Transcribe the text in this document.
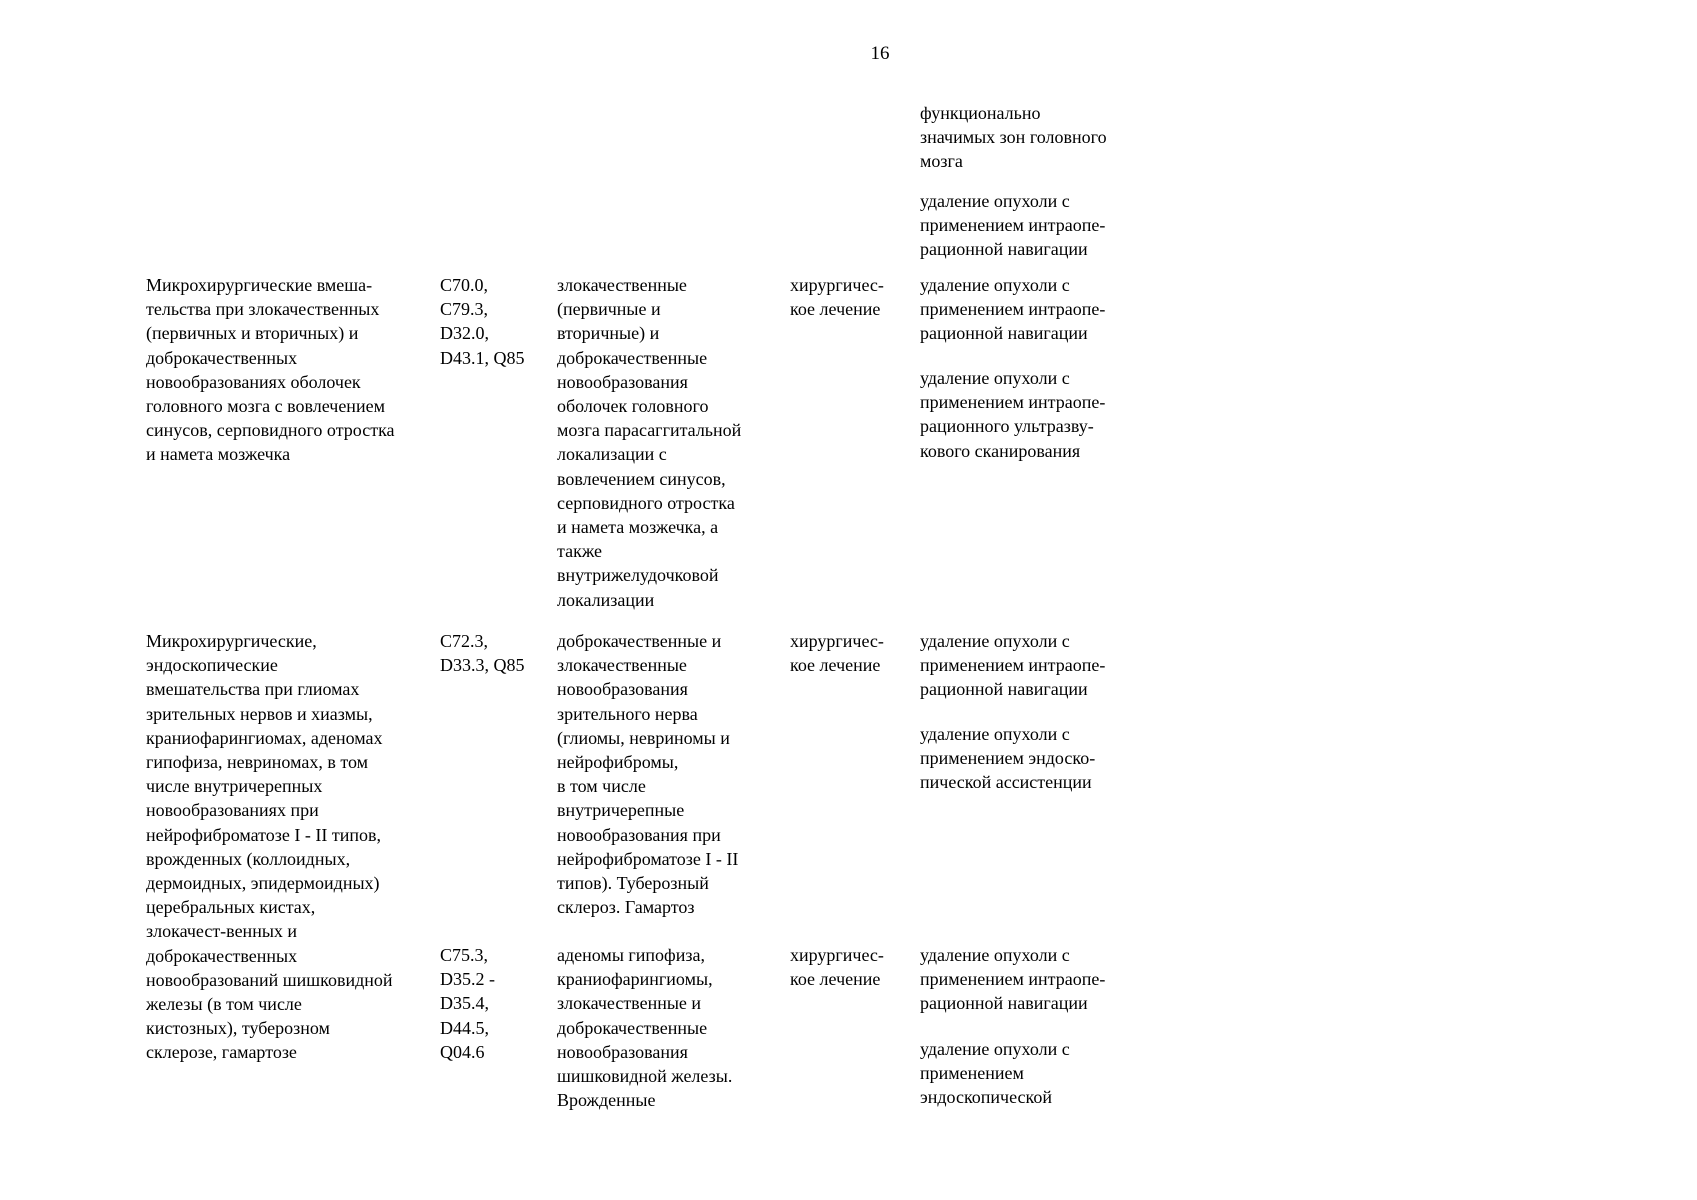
16
функционально
значимых зон головного
мозга
удаление опухоли с
применением интраопе-
рационной навигации
Микрохирургические вмеша-
тельства при злокачественных
(первичных и вторичных) и
доброкачественных
новообразованиях оболочек
головного мозга с вовлечением
синусов, серповидного отростка
и намета мозжечка
C70.0,
C79.3,
D32.0,
D43.1, Q85
злокачественные
(первичные и
вторичные) и
доброкачественные
новообразования
оболочек головного
мозга парасаггитальной
локализации с
вовлечением синусов,
серповидного отростка
и намета мозжечка, а
также
внутрижелудочковой
локализации
хирургичес-
кое лечение
удаление опухоли с
применением интраопе-
рационной навигации
удаление опухоли с
применением интраопе-
рационного ультразву-
кового сканирования
Микрохирургические,
эндоскопические
вмешательства при глиомах
зрительных нервов и хиазмы,
краниофарингиомах, аденомах
гипофиза, невриномах, в том
числе внутричерепных
новообразованиях при
нейрофиброматозе I - II типов,
врожденных (коллоидных,
дермоидных, эпидермоидных)
церебральных кистах,
злокачест-венных и
доброкачественных
новообразований шишковидной
железы (в том числе
кистозных), туберозном
склерозе, гамартозе
C72.3,
D33.3, Q85
доброкачественные и
злокачественные
новообразования
зрительного нерва
(глиомы, невриномы и
нейрофибромы,
в том числе
внутричерепные
новообразования при
нейрофиброматозе I - II
типов). Туберозный
склероз. Гамартоз
хирургичес-
кое лечение
удаление опухоли с
применением интраопе-
рационной навигации
удаление опухоли с
применением эндоско-
пической ассистенции
C75.3,
D35.2 -
D35.4,
D44.5,
Q04.6
аденомы гипофиза,
краниофарингиомы,
злокачественные и
доброкачественные
новообразования
шишковидной железы.
Врожденные
хирургичес-
кое лечение
удаление опухоли с
применением интраопе-
рационной навигации
удаление опухоли с
применением
эндоскопической
